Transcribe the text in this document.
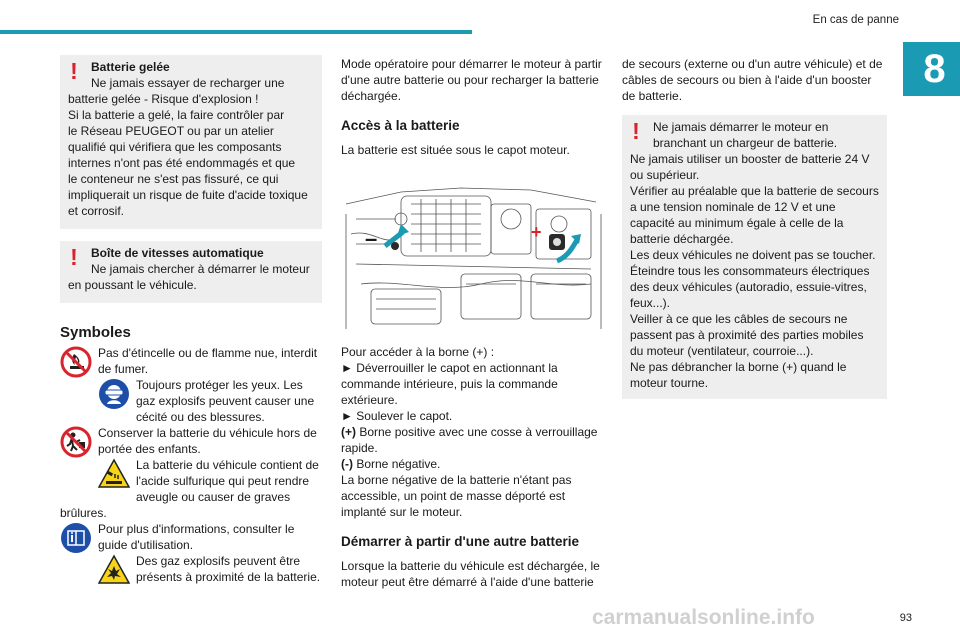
En cas de panne
8
!	Batterie gelée

Ne jamais essayer de recharger une

batterie gelée - Risque d'explosion !
Si la batterie a gelé, la faire contrôler par
le Réseau PEUGEOT ou par un atelier
qualifié qui vérifiera que les composants
internes n'ont pas été endommagés et que
le conteneur ne s'est pas fissuré, ce qui
impliquerait un risque de fuite d'acide toxique
et corrosif.

!	Boîte de vitesses automatique

Ne jamais chercher à démarrer le moteur

en poussant le véhicule.

Symboles

Pas d'étincelle ou de flamme nue, interdit de fumer.

Toujours protéger les yeux. Les gaz explosifs peuvent causer une cécité ou des blessures.

Conserver la batterie du véhicule hors de portée des enfants.

La batterie du véhicule contient de l'acide sulfurique qui peut rendre aveugle ou causer de graves brûlures.

Pour plus d'informations, consulter le guide d'utilisation.

Des gaz explosifs peuvent être présents à proximité de la batterie.

Mode opératoire pour démarrer le moteur à partir d'une autre batterie ou pour recharger la batterie déchargée.

Accès à la batterie

La batterie est située sous le capot moteur.

–	+

Pour accéder à la borne (+) :

► Déverrouiller le capot en actionnant la commande intérieure, puis la commande extérieure.

► Soulever le capot.

(+) Borne positive avec une cosse à verrouillage rapide.

(-) Borne négative.

La borne négative de la batterie n'étant pas accessible, un point de masse déporté est implanté sur le moteur.

Démarrer à partir d'une autre batterie

Lorsque la batterie du véhicule est déchargée, le moteur peut être démarré à l'aide d'une batterie

de secours (externe ou d'un autre véhicule) et de câbles de secours ou bien à l'aide d'un booster de batterie.

!	Ne jamais démarrer le moteur en branchant un chargeur de batterie.

Ne jamais utiliser un booster de batterie 24 V ou supérieur.
Vérifier au préalable que la batterie de secours a une tension nominale de 12 V et une capacité au minimum égale à celle de la batterie déchargée.
Les deux véhicules ne doivent pas se toucher.
Éteindre tous les consommateurs électriques des deux véhicules (autoradio, essuie-vitres, feux...).
Veiller à ce que les câbles de secours ne passent pas à proximité des parties mobiles du moteur (ventilateur, courroie...).
Ne pas débrancher la borne (+) quand le moteur tourne.

93
carmanualsonline.info
